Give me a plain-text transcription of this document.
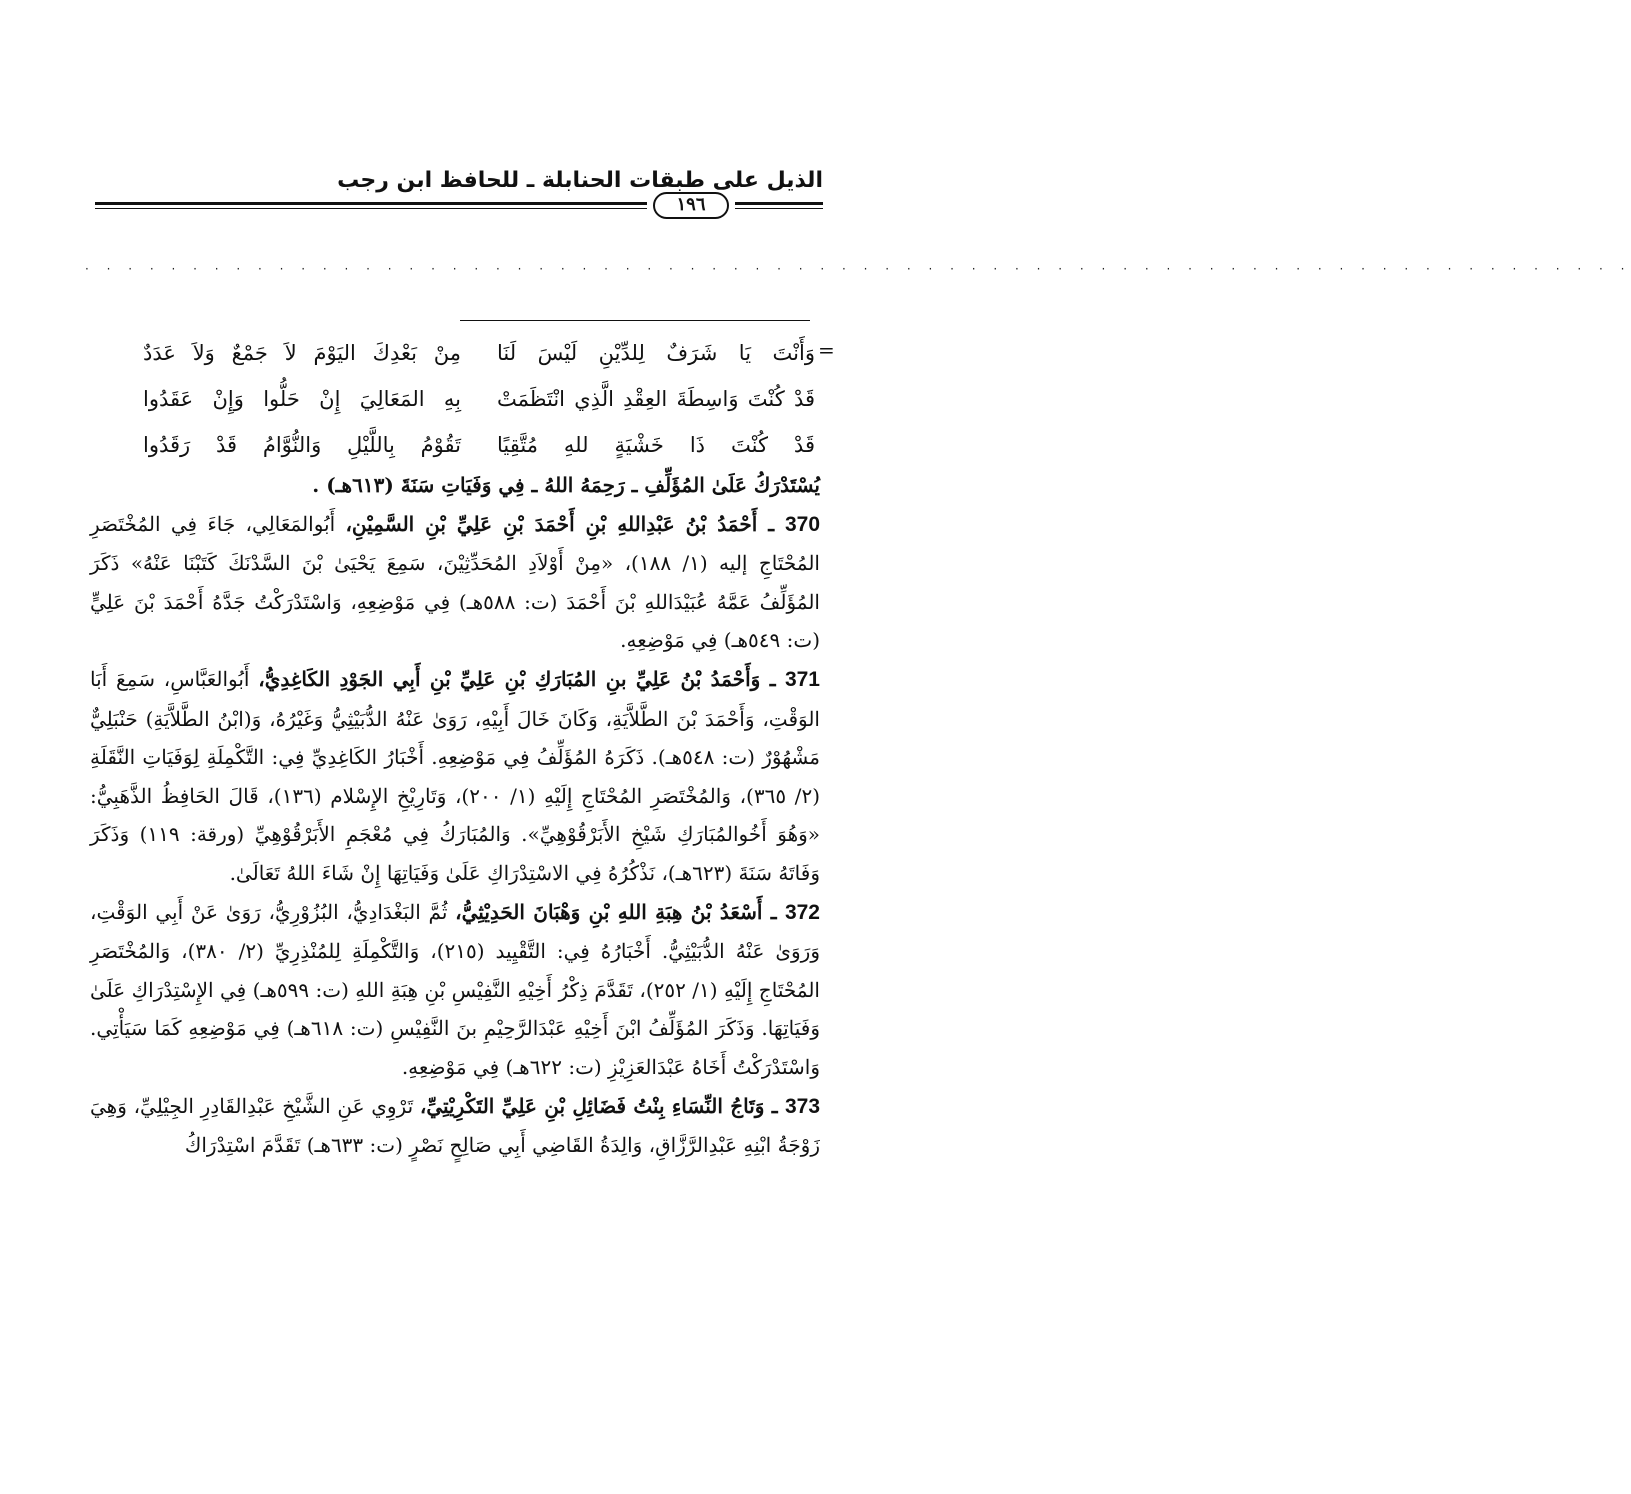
الذيل على طبقات الحنابلة ـ للحافظ ابن رجب
١٩٦
· · · · · · · · · · · · · · · · · · · · · · · · · · · · · · · · · · · · · · · · · · · · · · · · · · · · · · · · · · · · · · · · · · · · · · · ·
=
وَأَنْتَ يَا شَرَفٌ لِلدِّيْنِ لَيْسَ لَنَا
مِنْ بَعْدِكَ اليَوْمَ لاَ جَمْعٌ وَلاَ عَدَدٌ
قَدْ كُنْتَ وَاسِطَةَ العِقْدِ الَّذِي انْتَظَمَتْ
بِهِ المَعَالِيَ إِنْ حَلُّوا وَإِنْ عَقَدُوا
قَدْ كُنْتَ ذَا خَشْيَةٍ للهِ مُتَّقِيًا
تَقُوْمُ بِاللَّيْلِ وَالنُّوَّامُ قَدْ رَقَدُوا

يُسْتَدْرَكُ عَلَىٰ المُؤَلِّفِ ـ رَحِمَهُ اللهُ ـ فِي وَفَيَاتِ سَنَةَ (٦١٣هـ) .

370 ـ أَحْمَدُ بْنُ عَبْدِاللهِ بْنِ أَحْمَدَ بْنِ عَلِيِّ بْنِ السَّمِيْنِ، أَبُوالمَعَالِي، جَاءَ فِي المُخْتَصَرِ المُحْتَاجِ إليه (١/ ١٨٨)، «مِنْ أَوْلاَدِ المُحَدِّثِيْنَ، سَمِعَ يَحْيَىٰ بْنَ السَّدْنَكَ كَتَبْنَا عَنْهُ» ذَكَرَ المُؤَلِّفُ عَمَّهُ عُبَيْدَاللهِ بْنَ أَحْمَدَ (ت: ٥٨٨هـ) فِي مَوْضِعِهِ، وَاسْتَدْرَكْتُ جَدَّهُ أَحْمَدَ بْنَ عَلِيٍّ (ت: ٥٤٩هـ) فِي مَوْضِعِهِ.

371 ـ وَأَحْمَدُ بْنُ عَلِيِّ بنِ المُبَارَكِ بْنِ عَلِيِّ بْنِ أَبِي الجَوْدِ الكَاغِدِيُّ، أَبُوالعَبَّاسِ، سَمِعَ أَبَا الوَقْتِ، وَأَحْمَدَ بْنَ الطَّلاَّيَةِ، وَكَانَ خَالَ أَبِيْهِ، رَوَىٰ عَنْهُ الدُّبَيْثِيُّ وَغَيْرُهُ، وَ(ابْنُ الطَّلاَّيَةِ) حَنْبَلِيٌّ مَشْهُوْرٌ (ت: ٥٤٨هـ). ذَكَرَهُ المُؤَلِّفُ فِي مَوْضِعِهِ. أَخْبَارُ الكَاغِدِيِّ فِي: التَّكْمِلَةِ لِوَفَيَاتِ النَّقَلَةِ (٢/ ٣٦٥)، وَالمُخْتَصَرِ المُحْتَاجِ إِلَيْهِ (١/ ٢٠٠)، وَتَارِيْخِ الإِسْلام (١٣٦)، قَالَ الحَافِظُ الذَّهَبِيُّ: «وَهُوَ أَخُوالمُبَارَكِ شَيْخِ الأَبَرْقُوْهِيِّ». وَالمُبَارَكُ فِي مُعْجَمِ الأَبَرْقُوْهِيِّ (ورقة: ١١٩) وَذَكَرَ وَفَاتَهُ سَنَةَ (٦٢٣هـ)، نَذْكُرُهُ فِي الاسْتِدْرَاكِ عَلَىٰ وَفَيَاتِهَا إِنْ شَاءَ اللهُ تَعَالَىٰ.

372 ـ أَسْعَدُ بْنُ هِبَةِ اللهِ بْنِ وَهْبَانَ الحَدِيْثِيُّ، ثُمَّ البَغْدَادِيُّ، البُزُوْرِيُّ، رَوَىٰ عَنْ أَبِي الوَقْتِ، وَرَوَىٰ عَنْهُ الدُّبَيْثِيُّ. أَخْبَارُهُ فِي: التَّقْيِيد (٢١٥)، وَالتَّكْمِلَةِ لِلمُنْذِرِيِّ (٢/ ٣٨٠)، وَالمُخْتَصَرِ المُحْتَاجِ إِلَيْهِ (١/ ٢٥٢)، تَقَدَّمَ ذِكْرُ أَخِيْهِ النَّفِيْسِ بْنِ هِبَةِ اللهِ (ت: ٥٩٩هـ) فِي الإِسْتِدْرَاكِ عَلَىٰ وَفَيَاتِهَا. وَذَكَرَ المُؤَلِّفُ ابْنَ أَخِيْهِ عَبْدَالرَّحِيْمِ بنَ النَّفِيْسِ (ت: ٦١٨هـ) فِي مَوْضِعِهِ كَمَا سَيَأْتِي. وَاسْتَدْرَكْتُ أَخَاهُ عَبْدَالعَزِيْزِ (ت: ٦٢٢هـ) فِي مَوْضِعِهِ.

373 ـ وَتَاجُ النِّسَاءِ بِنْتُ فَضَائِلِ بْنِ عَلِيِّ التَكْرِيْتِيِّ، تَرْوِي عَنِ الشَّيْخِ عَبْدِالقَادِرِ الجِيْلِيِّ، وَهِيَ زَوْجَةُ ابْنِهِ عَبْدِالرَّزَّاقِ، وَالِدَةُ القَاضِي أَبِي صَالِحٍ نَصْرٍ (ت: ٦٣٣هـ) تَقَدَّمَ اسْتِدْرَاكُ
